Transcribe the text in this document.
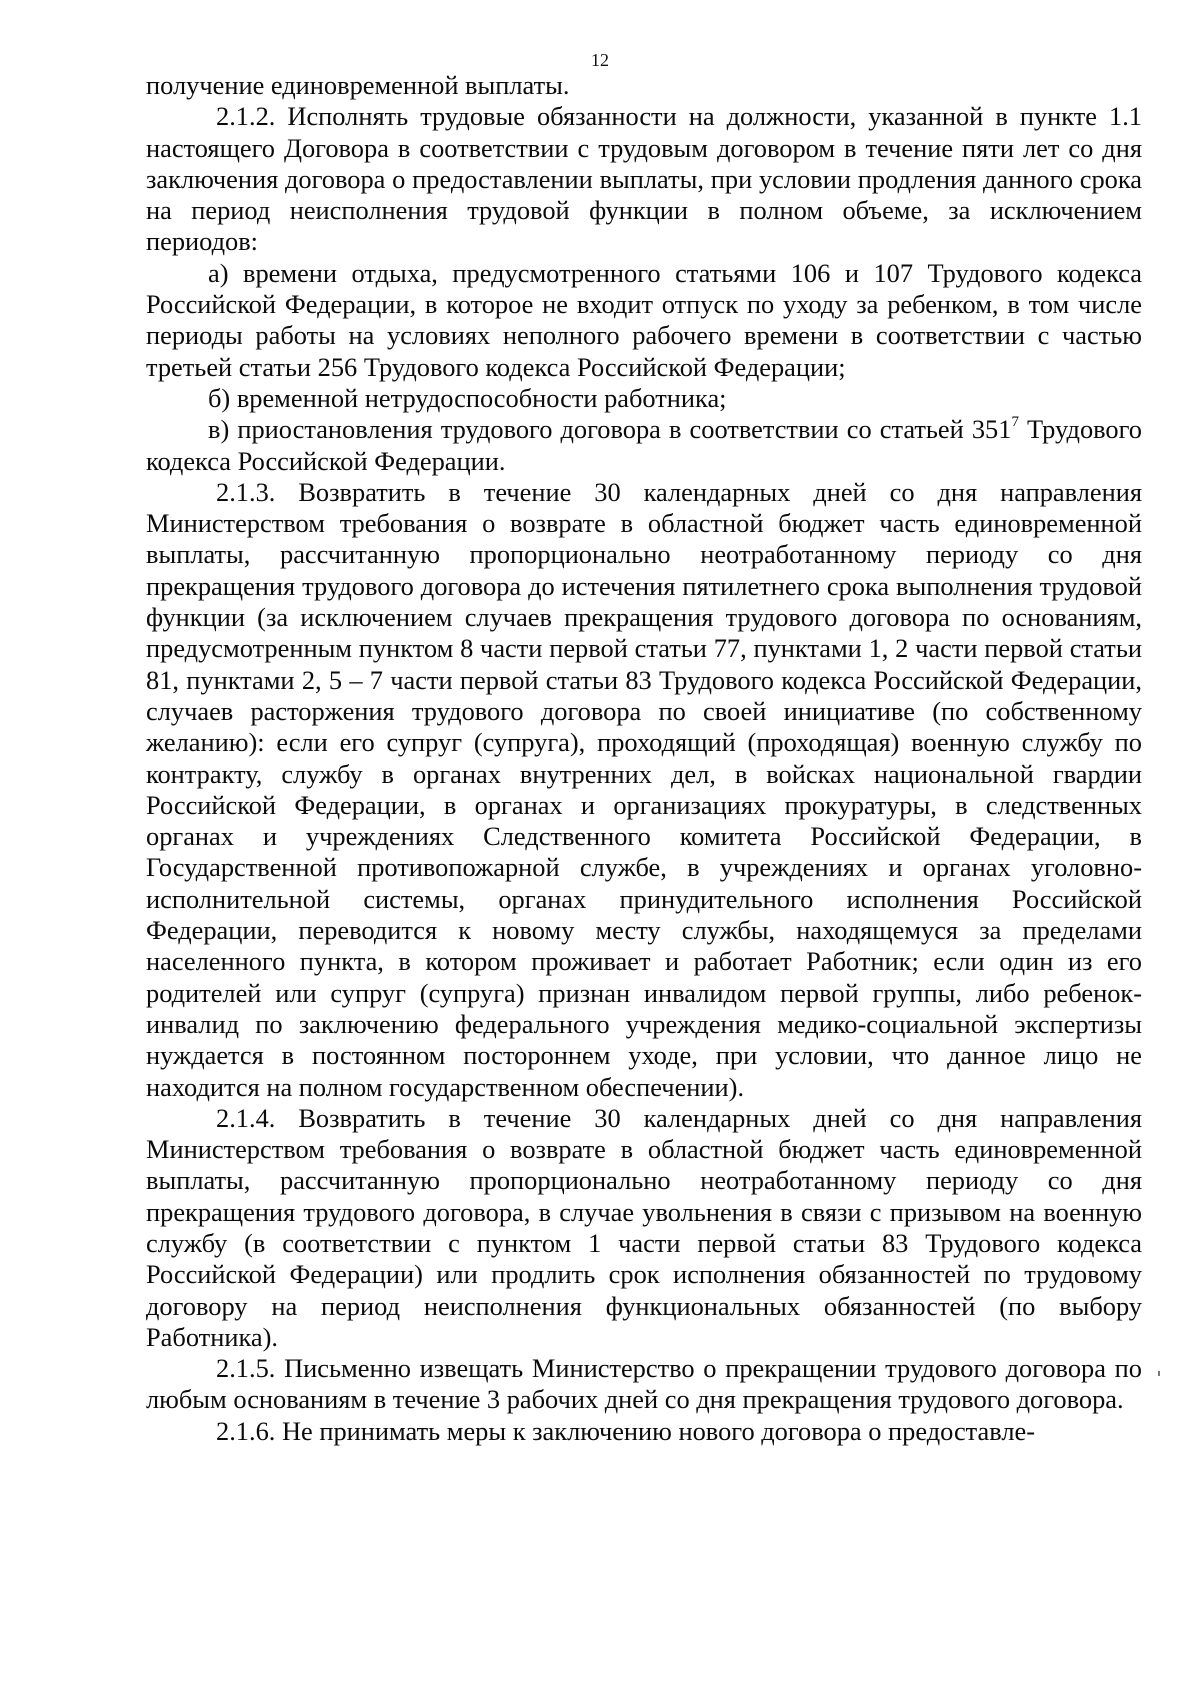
12

получение единовременной выплаты.

2.1.2. Исполнять трудовые обязанности на должности, указанной в пункте 1.1 настоящего Договора в соответствии с трудовым договором в течение пяти лет со дня заключения договора о предоставлении выплаты, при условии продления данного срока на период неисполнения трудовой функции в полном объеме, за исключением периодов:

а) времени отдыха, предусмотренного статьями 106 и 107 Трудового кодекса Российской Федерации, в которое не входит отпуск по уходу за ребенком, в том числе периоды работы на условиях неполного рабочего времени в соответствии с частью третьей статьи 256 Трудового кодекса Российской Федерации;

б) временной нетрудоспособности работника;

в) приостановления трудового договора в соответствии со статьей $351^7$ Трудового кодекса Российской Федерации.

2.1.3. Возвратить в течение 30 календарных дней со дня направления Министерством требования о возврате в областной бюджет часть единовременной выплаты, рассчитанную пропорционально неотработанному периоду со дня прекращения трудового договора до истечения пятилетнего срока выполнения трудовой функции (за исключением случаев прекращения трудового договора по основаниям, предусмотренным пунктом 8 части первой статьи 77, пунктами 1, 2 части первой статьи 81, пунктами 2, 5 – 7 части первой статьи 83 Трудового кодекса Российской Федерации, случаев расторжения трудового договора по своей инициативе (по собственному желанию): если его супруг (супруга), проходящий (проходящая) военную службу по контракту, службу в органах внутренних дел, в войсках национальной гвардии Российской Федерации, в органах и организациях прокуратуры, в следственных органах и учреждениях Следственного комитета Российской Федерации, в Государственной противопожарной службе, в учреждениях и органах уголовно-исполнительной системы, органах принудительного исполнения Российской Федерации, переводится к новому месту службы, находящемуся за пределами населенного пункта, в котором проживает и работает Работник; если один из его родителей или супруг (супруга) признан инвалидом первой группы, либо ребенок-инвалид по заключению федерального учреждения медико-социальной экспертизы нуждается в постоянном постороннем уходе, при условии, что данное лицо не находится на полном государственном обеспечении).

2.1.4. Возвратить в течение 30 календарных дней со дня направления Министерством требования о возврате в областной бюджет часть единовременной выплаты, рассчитанную пропорционально неотработанному периоду со дня прекращения трудового договора, в случае увольнения в связи с призывом на военную службу (в соответствии с пунктом 1 части первой статьи 83 Трудового кодекса Российской Федерации) или продлить срок исполнения обязанностей по трудовому договору на период неисполнения функциональных обязанностей (по выбору Работника).

2.1.5. Письменно извещать Министерство о прекращении трудового договора по любым основаниям в течение 3 рабочих дней со дня прекращения трудового договора.

2.1.6. Не принимать меры к заключению нового договора о предоставле-
